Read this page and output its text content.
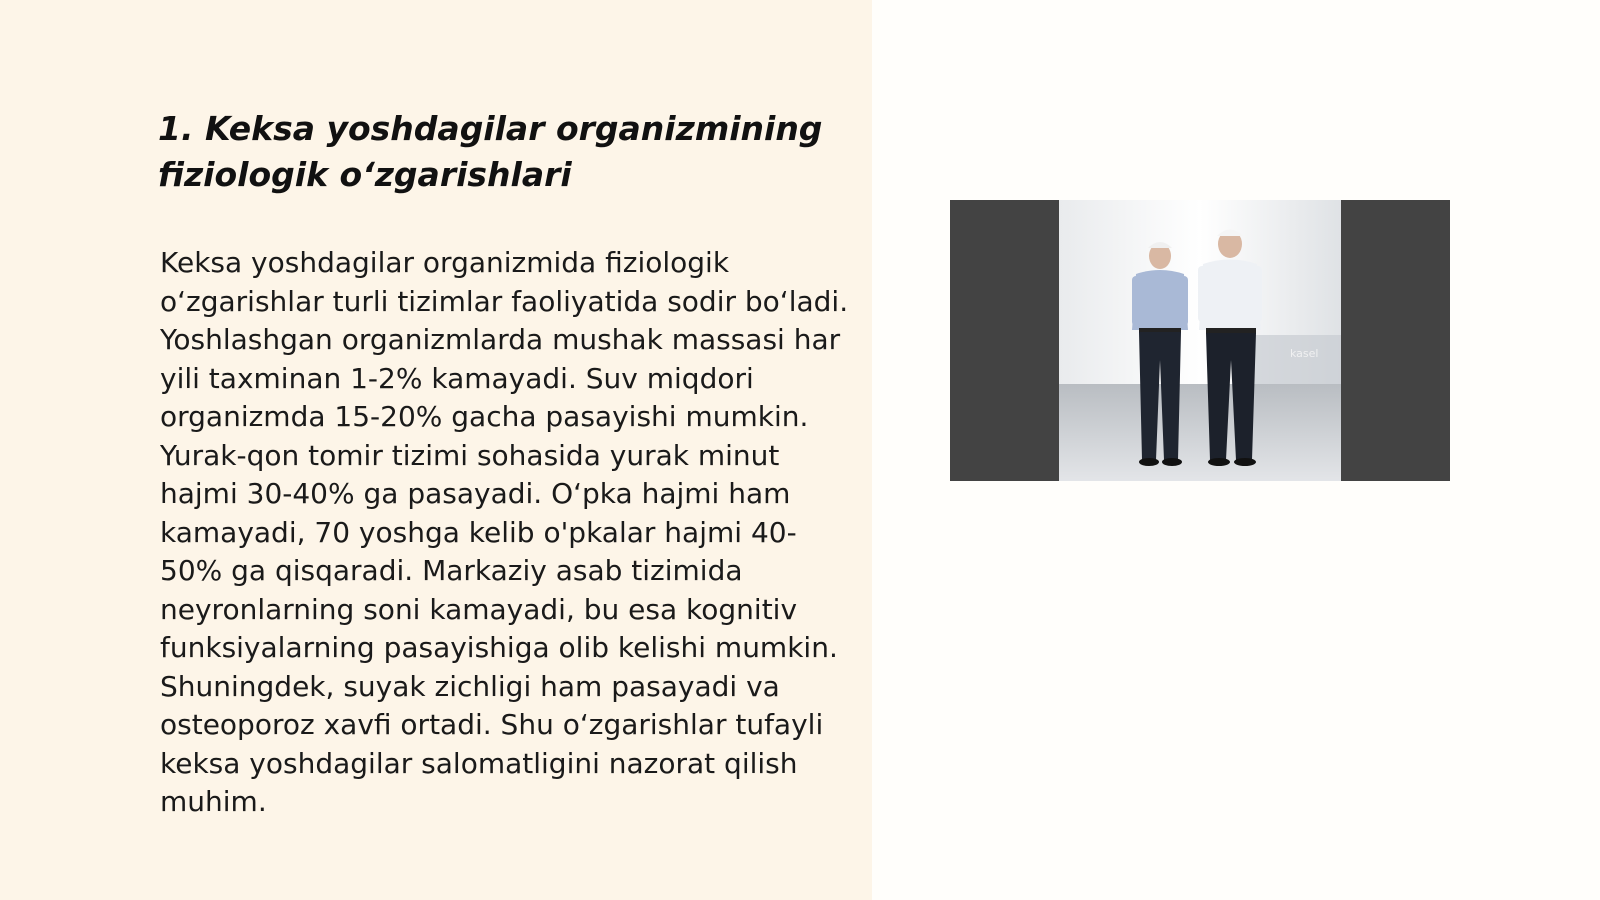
1. Keksa yoshdagilar organizmining fiziologik o‘zgarishlari

Keksa yoshdagilar organizmida fiziologik o‘zgarishlar turli tizimlar faoliyatida sodir bo‘ladi. Yoshlashgan organizmlarda mushak massasi har yili taxminan 1-2% kamayadi. Suv miqdori organizmda 15-20% gacha pasayishi mumkin. Yurak-qon tomir tizimi sohasida yurak minut hajmi 30-40% ga pasayadi. O‘pka hajmi ham kamayadi, 70 yoshga kelib o'pkalar hajmi 40-50% ga qisqaradi. Markaziy asab tizimida neyronlarning soni kamayadi, bu esa kognitiv funksiyalarning pasayishiga olib kelishi mumkin. Shuningdek, suyak zichligi ham pasayadi va osteoporoz xavfi ortadi. Shu o‘zgarishlar tufayli keksa yoshdagilar salomatligini nazorat qilish muhim.

kasel
